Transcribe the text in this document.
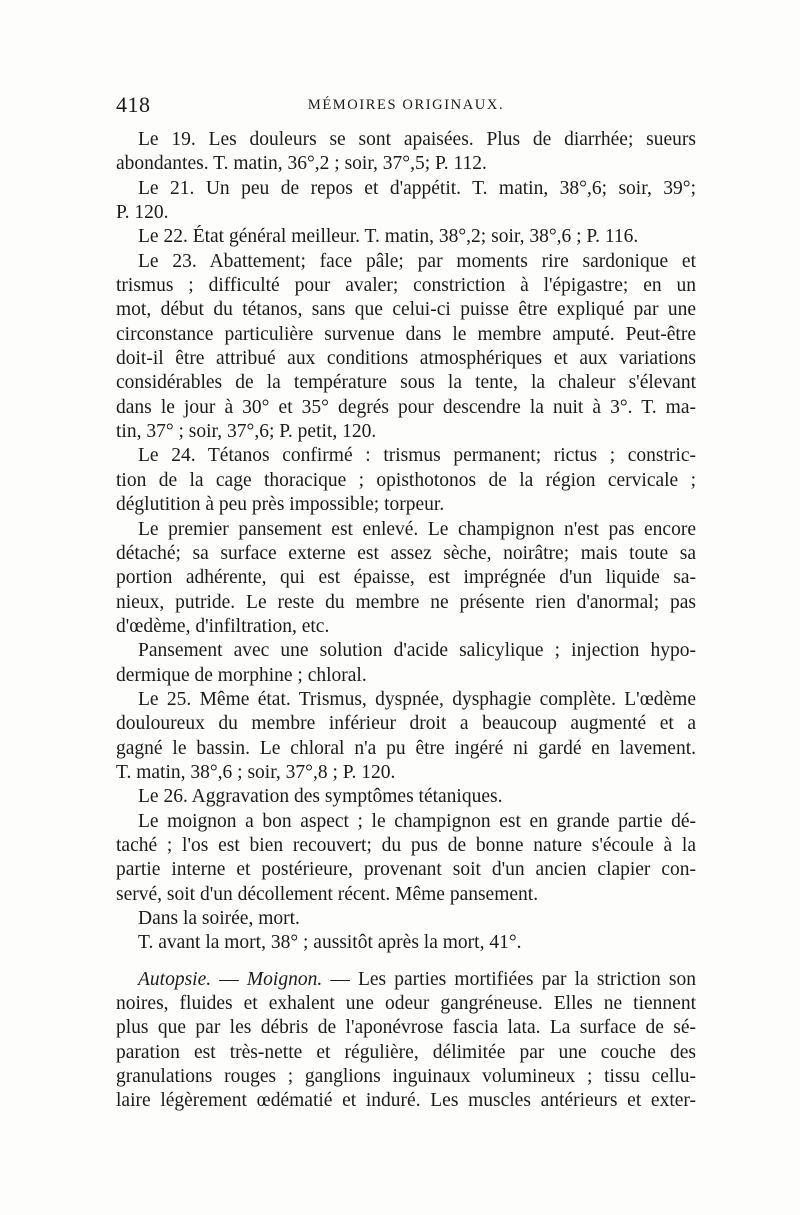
418	MÉMOIRES ORIGINAUX.
Le 19. Les douleurs se sont apaisées. Plus de diarrhée; sueurs
abondantes. T. matin, 36°,2 ; soir, 37°,5; P. 112.
Le 21. Un peu de repos et d'appétit. T. matin, 38°,6; soir, 39°;
P. 120.
Le 22. État général meilleur. T. matin, 38°,2; soir, 38°,6 ; P. 116.
Le 23. Abattement; face pâle; par moments rire sardonique et
trismus ; difficulté pour avaler; constriction à l'épigastre; en un
mot, début du tétanos, sans que celui-ci puisse être expliqué par une
circonstance particulière survenue dans le membre amputé. Peut-être
doit-il être attribué aux conditions atmosphériques et aux variations
considérables de la température sous la tente, la chaleur s'élevant
dans le jour à 30° et 35° degrés pour descendre la nuit à 3°. T. ma-
tin, 37° ; soir, 37°,6; P. petit, 120.
Le 24. Tétanos confirmé : trismus permanent; rictus ; constric-
tion de la cage thoracique ; opisthotonos de la région cervicale ;
déglutition à peu près impossible; torpeur.
Le premier pansement est enlevé. Le champignon n'est pas encore
détaché; sa surface externe est assez sèche, noirâtre; mais toute sa
portion adhérente, qui est épaisse, est imprégnée d'un liquide sa-
nieux, putride. Le reste du membre ne présente rien d'anormal; pas
d'œdème, d'infiltration, etc.
Pansement avec une solution d'acide salicylique ; injection hypo-
dermique de morphine ; chloral.
Le 25. Même état. Trismus, dyspnée, dysphagie complète. L'œdème
douloureux du membre inférieur droit a beaucoup augmenté et a
gagné le bassin. Le chloral n'a pu être ingéré ni gardé en lavement.
T. matin, 38°,6 ; soir, 37°,8 ; P. 120.
Le 26. Aggravation des symptômes tétaniques.
Le moignon a bon aspect ; le champignon est en grande partie dé-
taché ; l'os est bien recouvert; du pus de bonne nature s'écoule à la
partie interne et postérieure, provenant soit d'un ancien clapier con-
servé, soit d'un décollement récent. Même pansement.
Dans la soirée, mort.
T. avant la mort, 38° ; aussitôt après la mort, 41°.
Autopsie. — Moignon. — Les parties mortifiées par la striction son
noires, fluides et exhalent une odeur gangréneuse. Elles ne tiennent
plus que par les débris de l'aponévrose fascia lata. La surface de sé-
paration est très-nette et régulière, délimitée par une couche des
granulations rouges ; ganglions inguinaux volumineux ; tissu cellu-
laire légèrement œdématié et induré. Les muscles antérieurs et exter-
